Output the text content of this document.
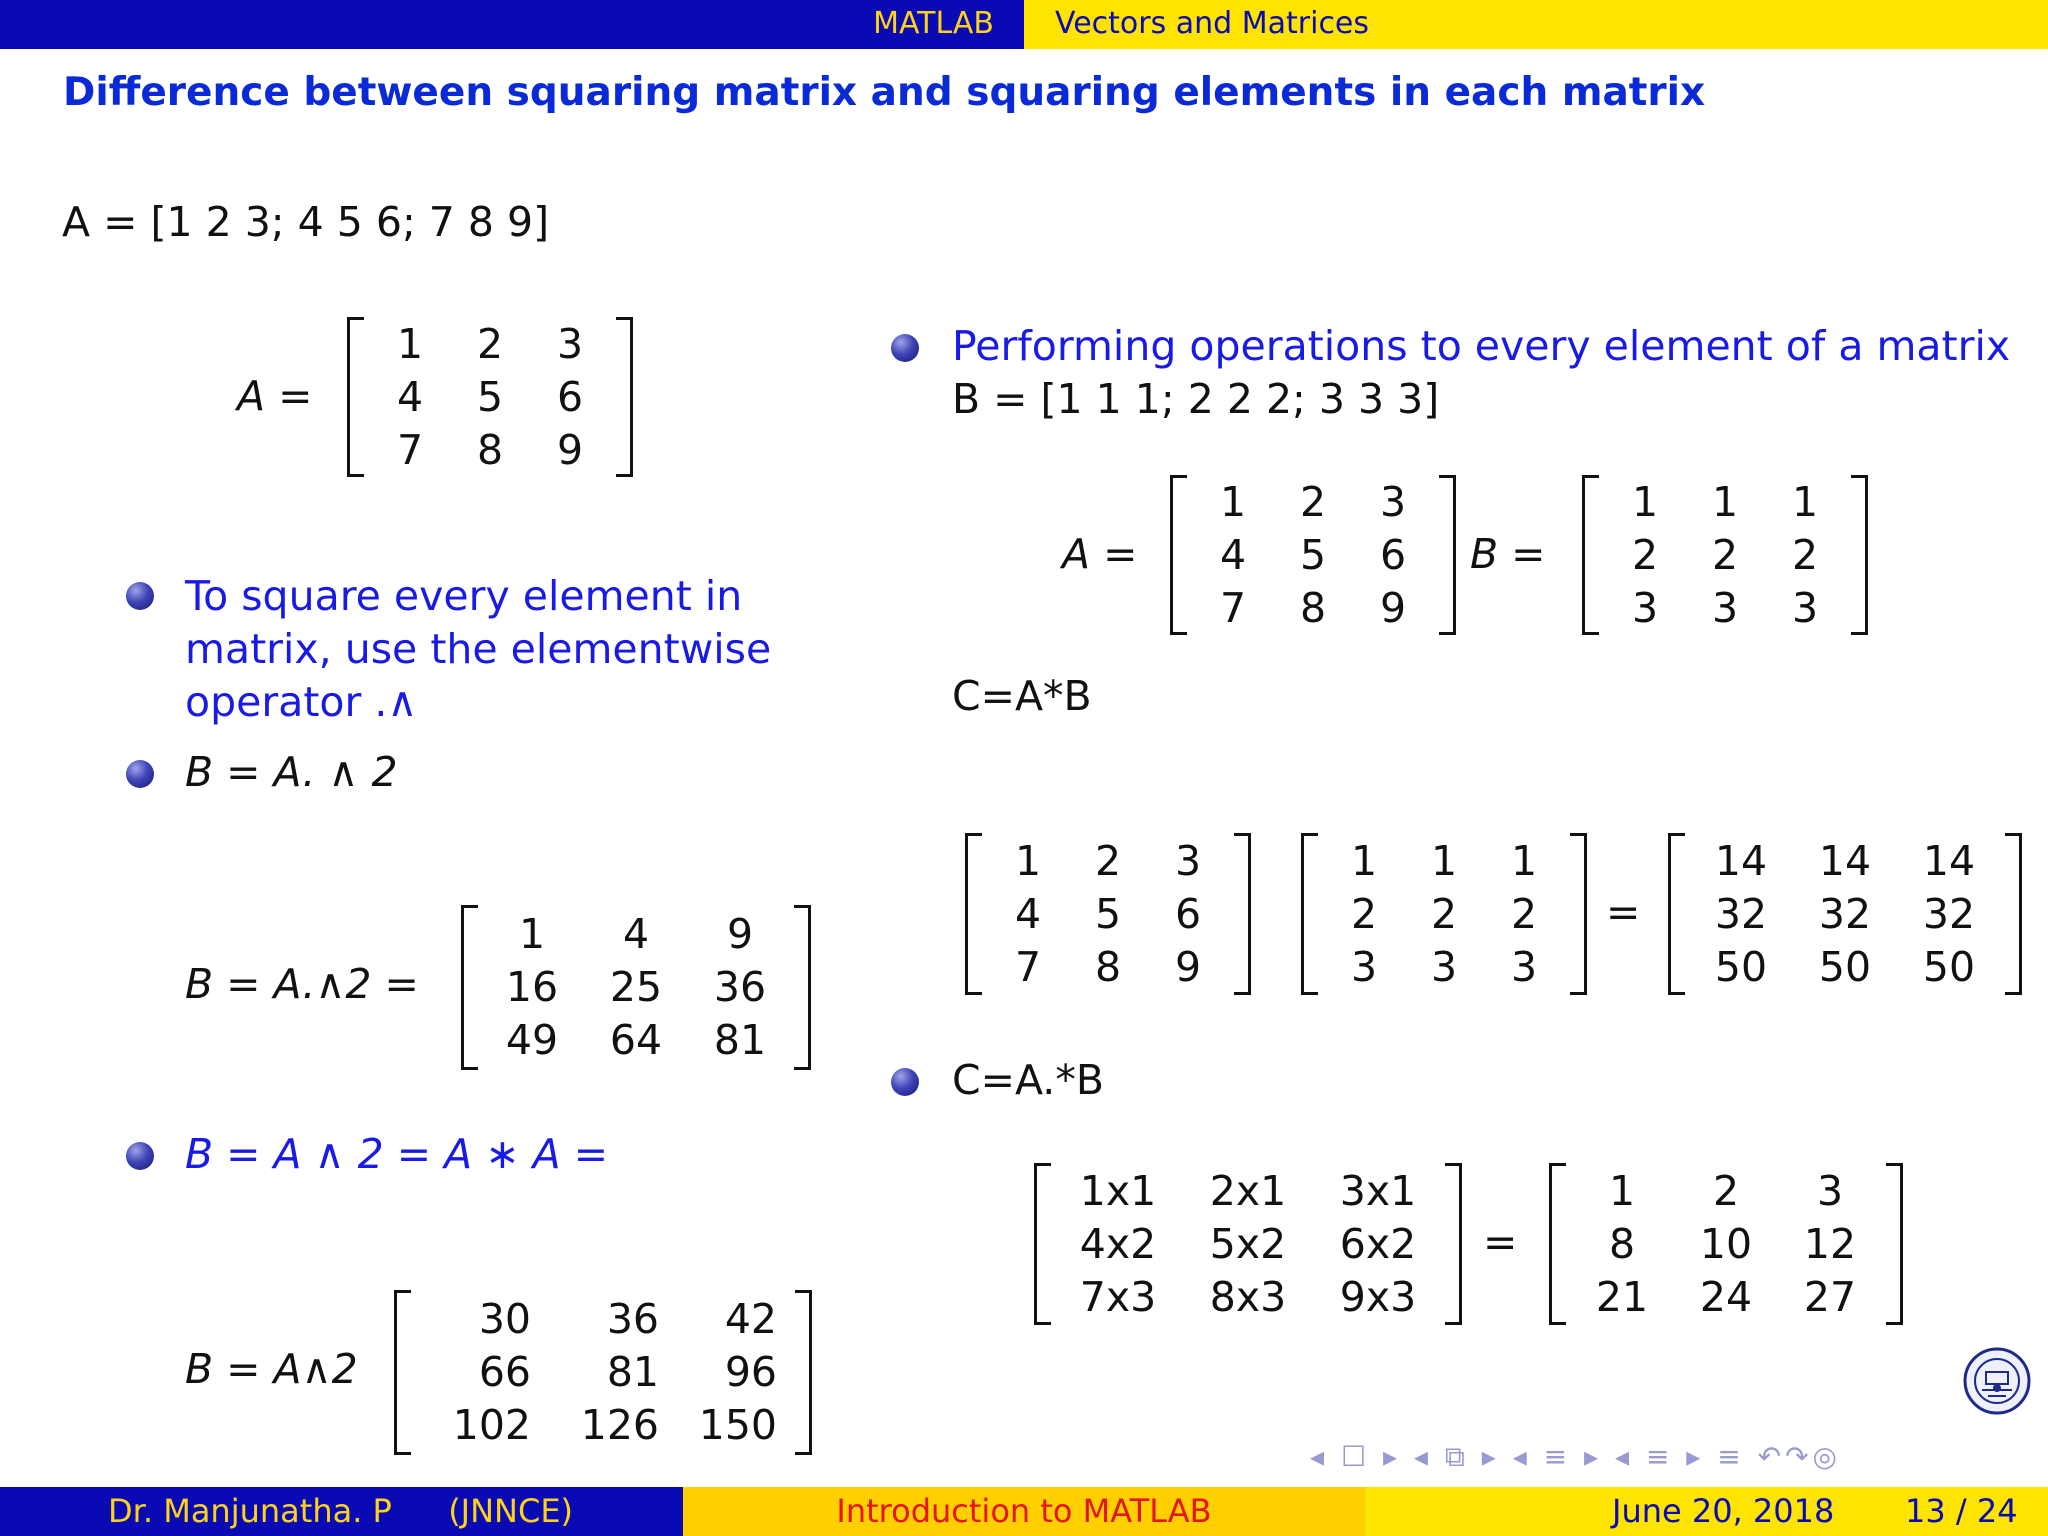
MATLAB	Vectors and Matrices
Difference between squaring matrix and squaring elements in each matrix
A = [1 2 3; 4 5 6; 7 8 9]
A =
1	2	3
4	5	6
7	8	9
To square every element in
matrix, use the elementwise
operator .∧
B = A. ∧ 2
B = A.∧2 =
1	4	9
16	25	36
49	64	81
B = A ∧ 2 = A ∗ A =
B = A∧2
30	36	42
66	81	96
102	126 150
Performing operations to every element of a matrix
B = [1 1 1; 2 2 2; 3 3 3]
A =
1	2	3
4	5	6
7	8	9
B =
1	1	1
2	2	2
3	3	3
C=A*B
1	2	3
4	5	6
7	8	9
1	1	1
2	2	2
3	3	3
=
14	14	14
32	32	32
50	50	50
C=A.*B
1x1	2x1	3x1
4x2	5x2	6x2
7x3	8x3	9x3
=
1	2	3
8	10	12
21	24	27
◂ ☐ ▸ ◂ ⧉ ▸ ◂ ≡ ▸ ◂ ≡ ▸ ≡ ↶↷◎
Dr. Manjunatha. P (JNNCE)	Introduction to MATLAB	June 20, 2018 13 / 24
